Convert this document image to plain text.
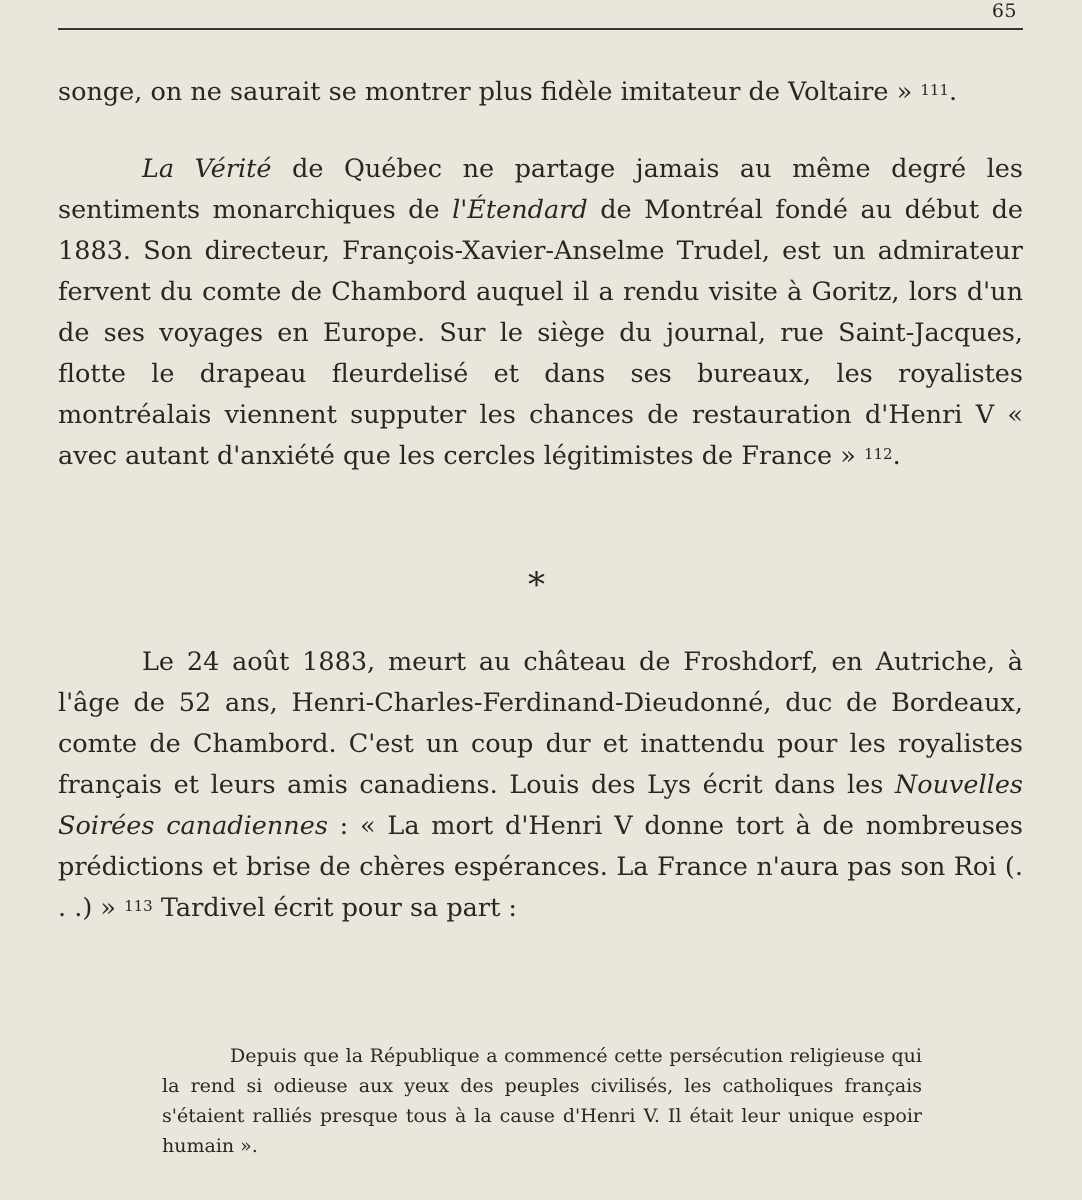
65

songe, on ne saurait se montrer plus fidèle imitateur de Voltaire » $^{111}$.

La Vérité de Québec ne partage jamais au même degré les sentiments monarchiques de l'Étendard de Montréal fondé au début de 1883. Son directeur, François-Xavier-Anselme Trudel, est un admirateur fervent du comte de Chambord auquel il a rendu visite à Goritz, lors d'un de ses voyages en Europe. Sur le siège du journal, rue Saint-Jacques, flotte le drapeau fleurdelisé et dans ses bureaux, les royalistes montréalais viennent supputer les chances de restauration d'Henri V « avec autant d'anxiété que les cercles légitimistes de France » $^{112}$.

*

Le 24 août 1883, meurt au château de Froshdorf, en Autriche, à l'âge de 52 ans, Henri-Charles-Ferdinand-Dieudonné, duc de Bordeaux, comte de Chambord. C'est un coup dur et inattendu pour les royalistes français et leurs amis canadiens. Louis des Lys écrit dans les Nouvelles Soirées canadiennes : « La mort d'Henri V donne tort à de nombreuses prédictions et brise de chères espérances. La France n'aura pas son Roi (. . .) » $^{113}$ Tardivel écrit pour sa part :

Depuis que la République a commencé cette persécution religieuse qui la rend si odieuse aux yeux des peuples civilisés, les catholiques français s'étaient ralliés presque tous à la cause d'Henri V. Il était leur unique espoir humain ».
